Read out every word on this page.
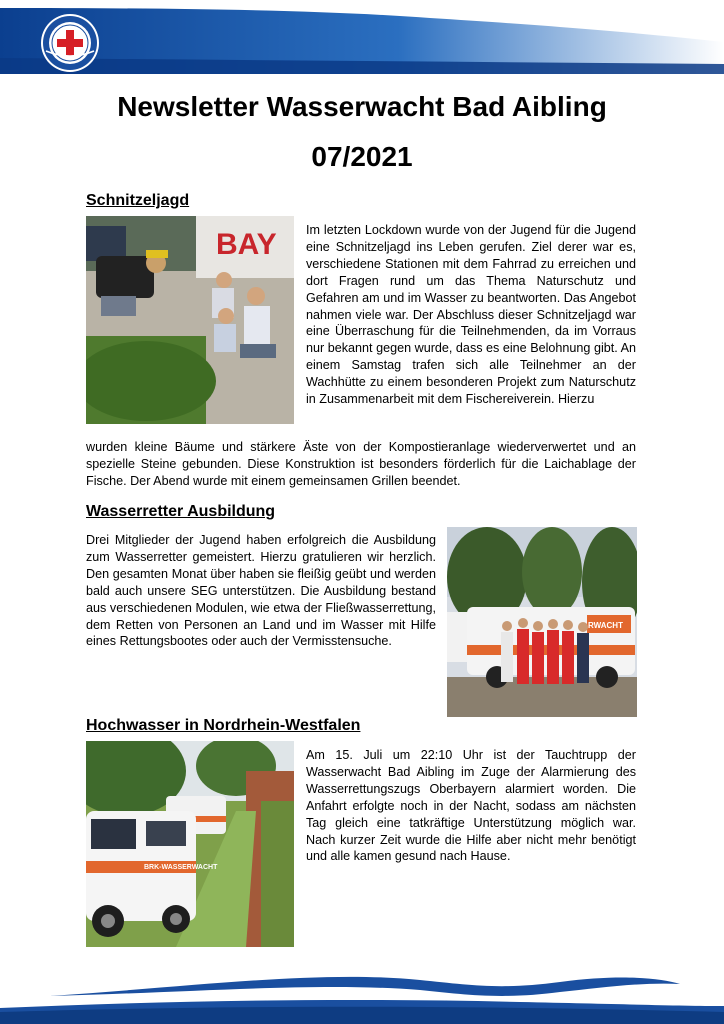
Newsletter Wasserwacht Bad Aibling
07/2021
Schnitzeljagd
BAY Im letzten Lockdown wurde von der Jugend für die Jugend eine Schnitzeljagd ins Leben gerufen. Ziel derer war es, verschiedene Stationen mit dem Fahrrad zu erreichen und dort Fragen rund um das Thema Naturschutz und Gefahren am und im Wasser zu beantworten. Das Angebot nahmen viele war. Der Abschluss dieser Schnitzeljagd war eine Überraschung für die Teilnehmenden, da im Vorraus nur bekannt gegen wurde, dass es eine Belohnung gibt. An einem Samstag trafen sich alle Teilnehmer an der Wachhütte zu einem besonderen Projekt zum Naturschutz in Zusammenarbeit mit dem Fischereiverein. Hierzu

wurden kleine Bäume und stärkere Äste von der Kompostieranlage wiederverwertet und an spezielle Steine gebunden. Diese Konstruktion ist besonders förderlich für die Laichablage der Fische. Der Abend wurde mit einem gemeinsamen Grillen beendet.

Wasserretter Ausbildung

Drei Mitglieder der Jugend haben erfolgreich die Ausbildung zum Wasserretter gemeistert. Hierzu gratulieren wir herzlich. Den gesamten Monat über haben sie fleißig geübt und werden bald auch unsere SEG unterstützen. Die Ausbildung bestand aus verschiedenen Modulen, wie etwa der Fließwasserrettung, dem Retten von Personen an Land und im Wasser mit Hilfe eines Rettungsbootes oder auch der Vermisstensuche.

RWACHT
Hochwasser in Nordrhein-Westfalen
BRK-WASSERWACHT

Am 15. Juli um 22:10 Uhr ist der Tauchtrupp der Wasserwacht Bad Aibling im Zuge der Alarmierung des Wasserrettungszugs Oberbayern alarmiert worden. Die Anfahrt erfolgte noch in der Nacht, sodass am nächsten Tag gleich eine tatkräftige Unterstützung möglich war. Nach kurzer Zeit wurde die Hilfe aber nicht mehr benötigt und alle kamen gesund nach Hause.
